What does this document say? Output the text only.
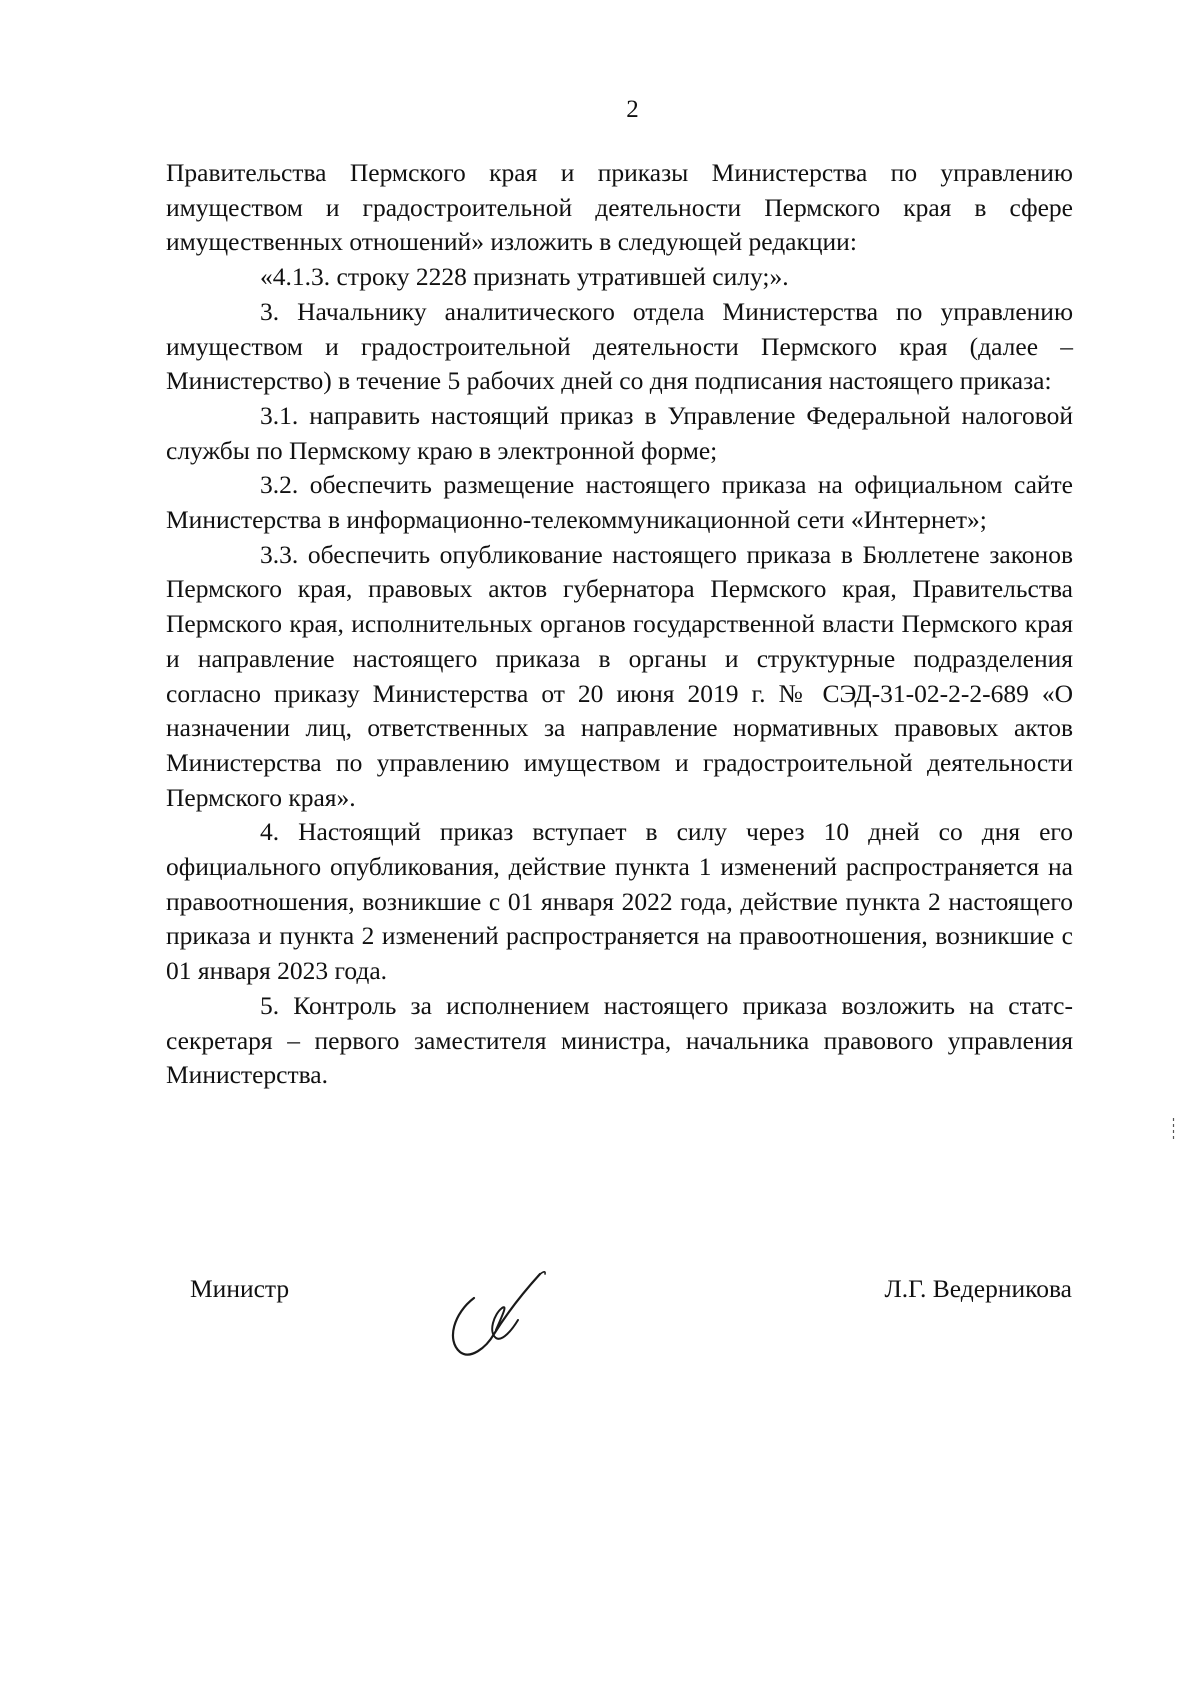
2

Правительства Пермского края и приказы Министерства по управлению имуществом и градостроительной деятельности Пермского края в сфере имущественных отношений» изложить в следующей редакции:

«4.1.3. строку 2228 признать утратившей силу;».

3. Начальнику аналитического отдела Министерства по управлению имуществом и градостроительной деятельности Пермского края (далее – Министерство) в течение 5 рабочих дней со дня подписания настоящего приказа:

3.1. направить настоящий приказ в Управление Федеральной налоговой службы по Пермскому краю в электронной форме;

3.2. обеспечить размещение настоящего приказа на официальном сайте Министерства в информационно-телекоммуникационной сети «Интернет»;

3.3. обеспечить опубликование настоящего приказа в Бюллетене законов Пермского края, правовых актов губернатора Пермского края, Правительства Пермского края, исполнительных органов государственной власти Пермского края и направление настоящего приказа в органы и структурные подразделения согласно приказу Министерства от 20 июня 2019 г. № СЭД-31-02-2-2-689 «О назначении лиц, ответственных за направление нормативных правовых актов Министерства по управлению имуществом и градостроительной деятельности Пермского края».

4. Настоящий приказ вступает в силу через 10 дней со дня его официального опубликования, действие пункта 1 изменений распространяется на правоотношения, возникшие с 01 января 2022 года, действие пункта 2 настоящего приказа и пункта 2 изменений распространяется на правоотношения, возникшие с 01 января 2023 года.

5. Контроль за исполнением настоящего приказа возложить на статс-секретаря – первого заместителя министра, начальника правового управления Министерства.

Министр	Л.Г. Ведерникова
